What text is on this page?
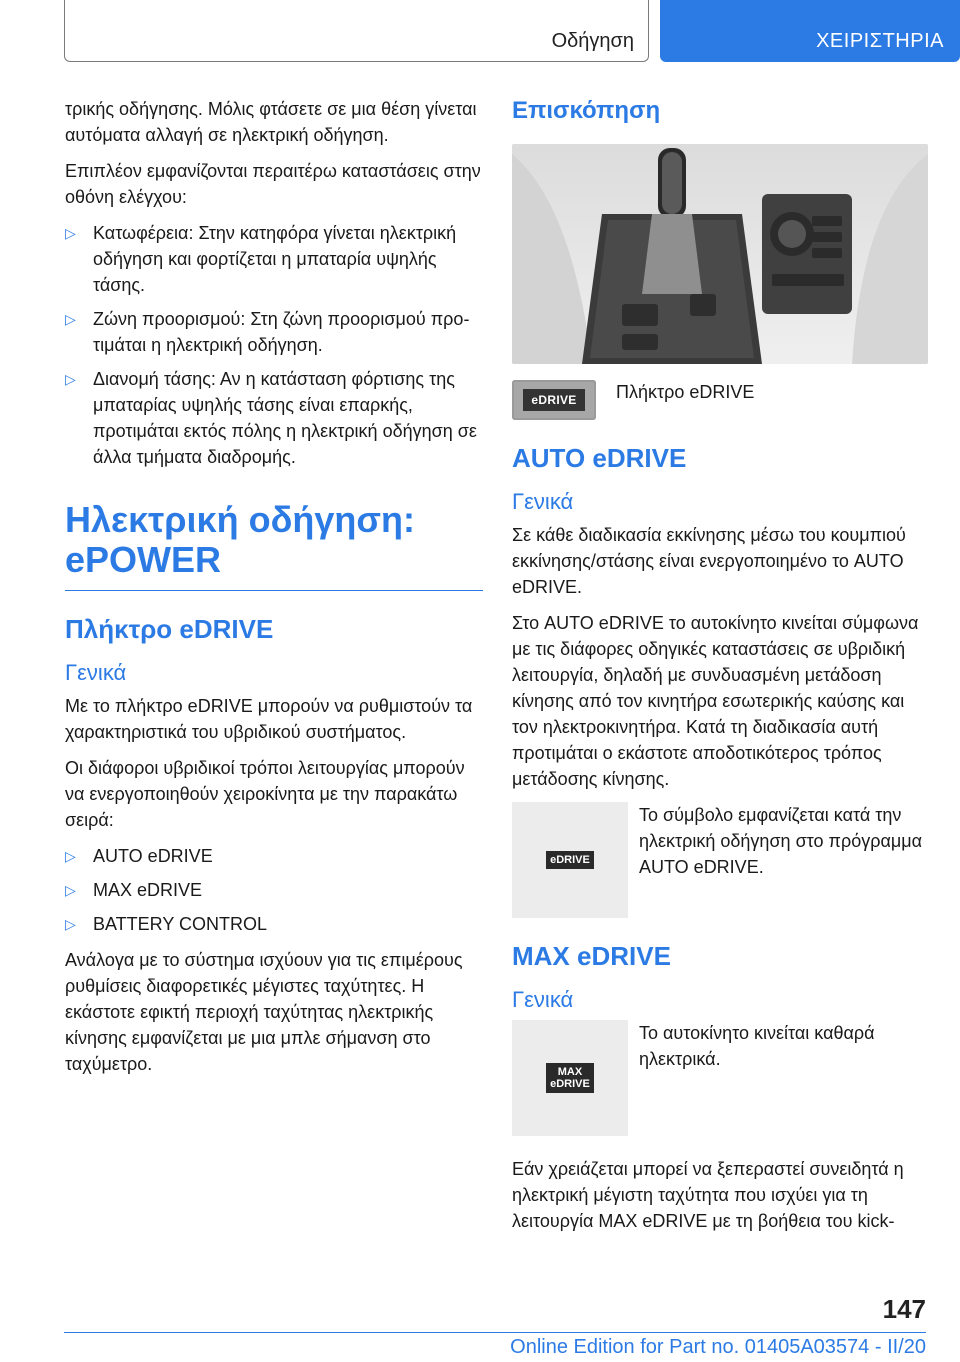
Οδήγηση	ΧΕΙΡΙΣΤΗΡΙΑ

τρικής οδήγησης. Μόλις φτάσετε σε μια θέση γίνεται αυτόματα αλλαγή σε ηλεκτρική οδήγηση.

Επιπλέον εμφανίζονται περαιτέρω καταστάσεις στην οθόνη ελέγχου:

▷ Κατωφέρεια: Στην κατηφόρα γίνεται ηλεκτρική οδήγηση και φορτίζεται η μπαταρία υψηλής τάσης.
▷ Ζώνη προορισμού: Στη ζώνη προορισμού προτιμάται η ηλεκτρική οδήγηση.
▷ Διανομή τάσης: Αν η κατάσταση φόρτισης της μπαταρίας υψηλής τάσης είναι επαρκής, προτιμάται εκτός πόλης η ηλεκτρική οδήγηση σε άλλα τμήματα διαδρομής.
Ηλεκτρική οδήγηση: ePOWER
Πλήκτρο eDRIVE
Γενικά

Με το πλήκτρο eDRIVE μπορούν να ρυθμιστούν τα χαρακτηριστικά του υβριδικού συστήματος.

Οι διάφοροι υβριδικοί τρόποι λειτουργίας μπορούν να ενεργοποιηθούν χειροκίνητα με την παρακάτω σειρά:

▷ AUTO eDRIVE
▷ MAX eDRIVE
▷ BATTERY CONTROL

Ανάλογα με το σύστημα ισχύουν για τις επιμέρους ρυθμίσεις διαφορετικές μέγιστες ταχύτητες. Η εκάστοτε εφικτή περιοχή ταχύτητας ηλεκτρικής κίνησης εμφανίζεται με μια μπλε σήμανση στο ταχύμετρο.

Επισκόπηση
eDRIVE	Πλήκτρο eDRIVE
AUTO eDRIVE
Γενικά

Σε κάθε διαδικασία εκκίνησης μέσω του κουμπιού εκκίνησης/στάσης είναι ενεργοποιημένο το AUTO eDRIVE.

Στο AUTO eDRIVE το αυτοκίνητο κινείται σύμφωνα με τις διάφορες οδηγικές καταστάσεις σε υβριδική λειτουργία, δηλαδή με συνδυασμένη μετάδοση κίνησης από τον κινητήρα εσωτερικής καύσης και τον ηλεκτροκινητήρα. Κατά τη διαδικασία αυτή προτιμάται ο εκάστοτε αποδοτικότερος τρόπος μετάδοσης κίνησης.

eDRIVE
Το σύμβολο εμφανίζεται κατά την ηλεκτρική οδήγηση στο πρόγραμμα AUTO eDRIVE.
MAX eDRIVE
Γενικά
MAX
eDRIVE
Το αυτοκίνητο κινείται καθαρά ηλεκτρικά.

Εάν χρειάζεται μπορεί να ξεπεραστεί συνειδητά η ηλεκτρική μέγιστη ταχύτητα που ισχύει για τη λειτουργία MAX eDRIVE με τη βοήθεια του kick-

147
Online Edition for Part no. 01405A03574 - II/20
